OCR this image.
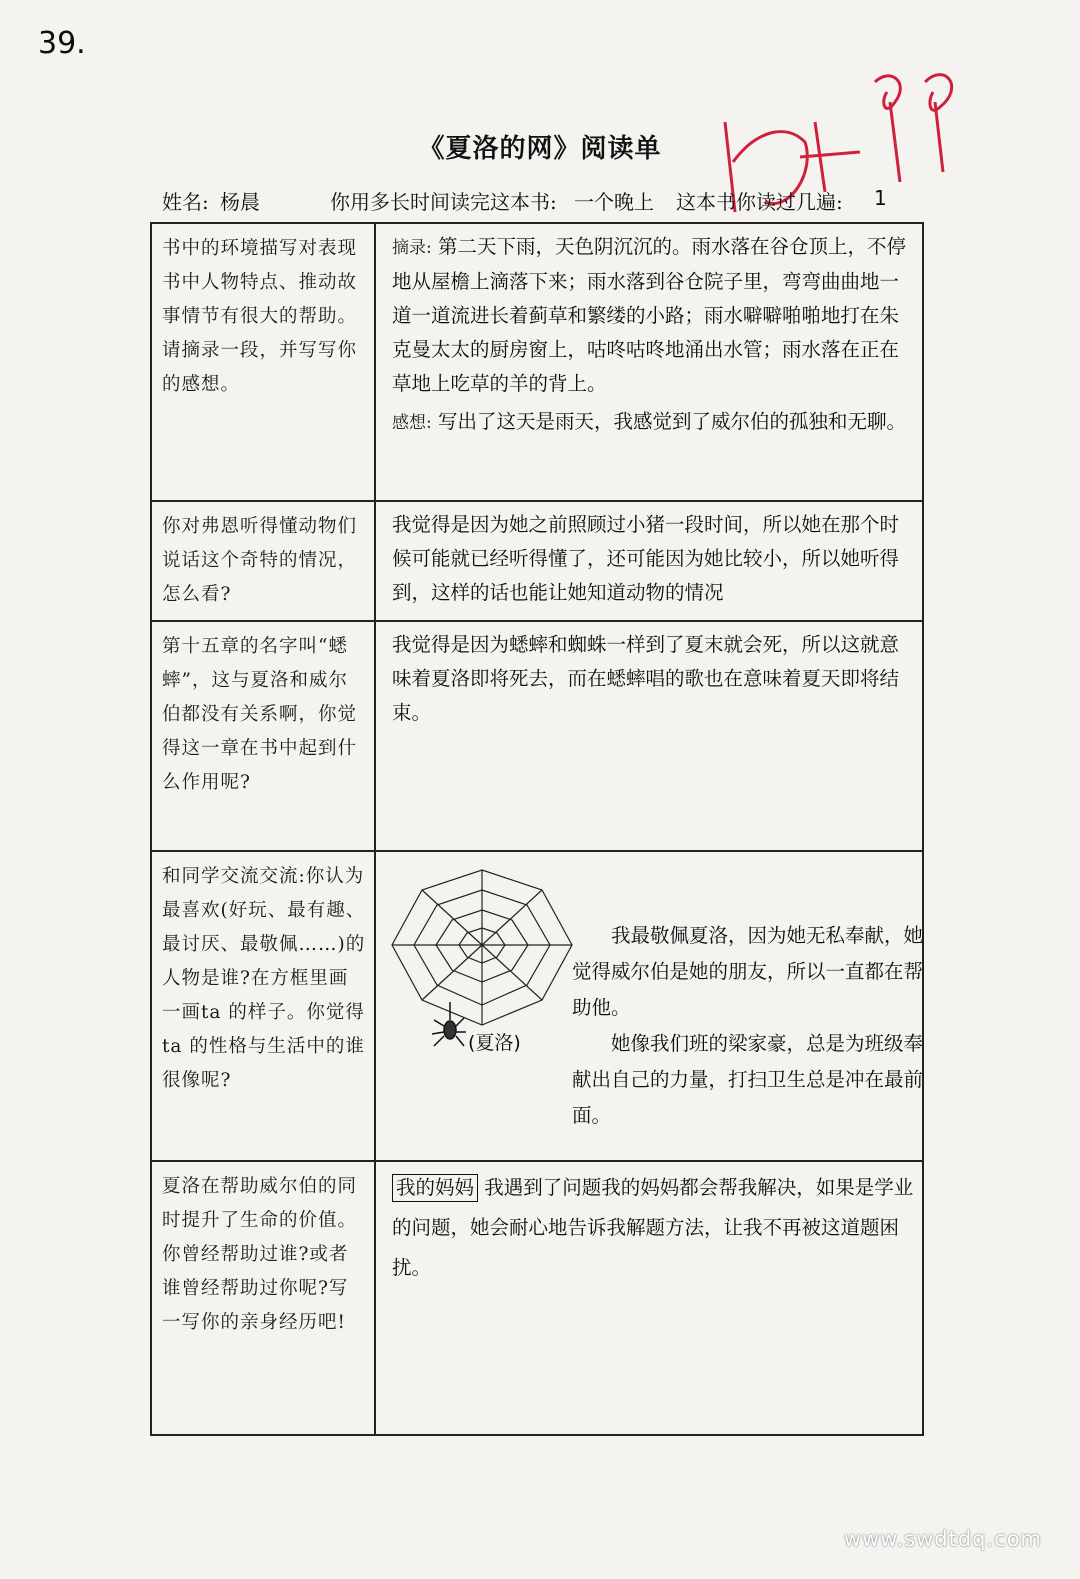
39.
《夏洛的网》阅读单
姓名: 杨晨	你用多长时间读完这本书: 一个晚上 这本书你读过几遍: 1
书中的环境描写对表现书中人物特点、推动故事情节有很大的帮助。请摘录一段，并写写你的感想。	摘录: 第二天下雨，天色阴沉沉的。雨水落在谷仓顶上，不停地从屋檐上滴落下来；雨水落到谷仓院子里，弯弯曲曲地一道一道流进长着蓟草和繁缕的小路；雨水噼噼啪啪地打在朱克曼太太的厨房窗上，咕咚咕咚地涌出水管；雨水落在正在草地上吃草的羊的背上。
感想: 写出了这天是雨天，我感觉到了威尔伯的孤独和无聊。

你对弗恩听得懂动物们说话这个奇特的情况，怎么看?	我觉得是因为她之前照顾过小猪一段时间，所以她在那个时候可能就已经听得懂了，还可能因为她比较小，所以她听得到，这样的话也能让她知道动物的情况
第十五章的名字叫“蟋蟀”，这与夏洛和威尔伯都没有关系啊，你觉得这一章在书中起到什么作用呢?	我觉得是因为蟋蟀和蜘蛛一样到了夏末就会死，所以这就意味着夏洛即将死去，而在蟋蟀唱的歌也在意味着夏天即将结束。
和同学交流交流:你认为最喜欢(好玩、最有趣、最讨厌、最敬佩……)的人物是谁?在方框里画一画ta 的样子。你觉得ta 的性格与生活中的谁很像呢?	(夏洛)
我最敬佩夏洛，因为她无私奉献，她觉得威尔伯是她的朋友，所以一直都在帮助他。
她像我们班的梁家豪，总是为班级奉献出自己的力量，打扫卫生总是冲在最前面。

夏洛在帮助威尔伯的同时提升了生命的价值。你曾经帮助过谁?或者谁曾经帮助过你呢?写一写你的亲身经历吧!	我的妈妈 我遇到了问题我的妈妈都会帮我解决，如果是学业的问题，她会耐心地告诉我解题方法，让我不再被这道题困扰。
www.swdtdq.com
